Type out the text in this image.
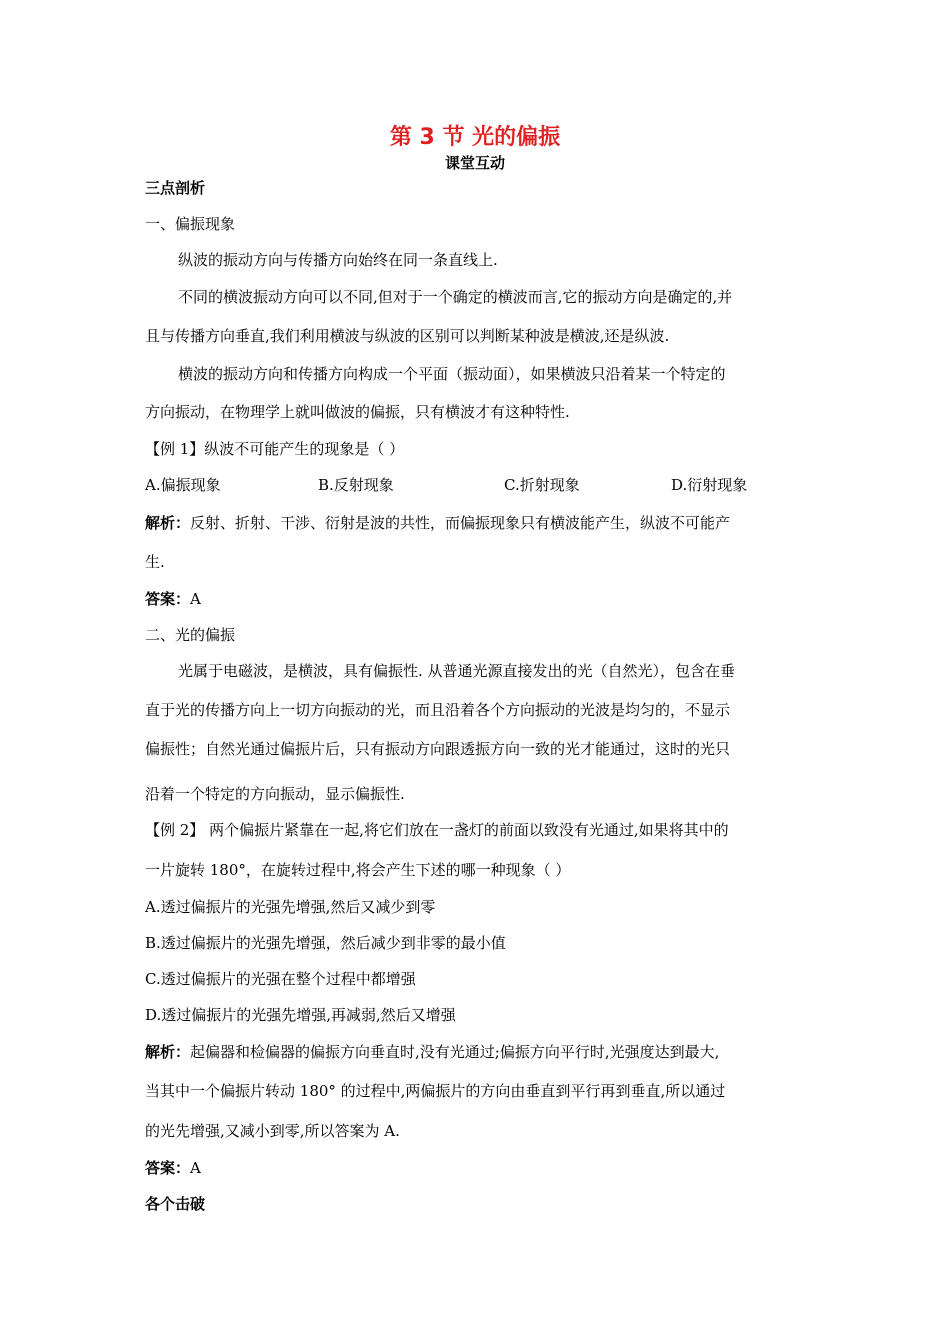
第 3 节 光的偏振
课堂互动
三点剖析
一、偏振现象
纵波的振动方向与传播方向始终在同一条直线上.
不同的横波振动方向可以不同,但对于一个确定的横波而言,它的振动方向是确定的,并
且与传播方向垂直,我们利用横波与纵波的区别可以判断某种波是横波,还是纵波.
横波的振动方向和传播方向构成一个平面（振动面），如果横波只沿着某一个特定的
方向振动，在物理学上就叫做波的偏振，只有横波才有这种特性.
【例 1】纵波不可能产生的现象是（ ）
A.偏振现象	B.反射现象	C.折射现象	D.衍射现象
解析：反射、折射、干涉、衍射是波的共性，而偏振现象只有横波能产生，纵波不可能产
生.
答案：A
二、光的偏振
光属于电磁波，是横波，具有偏振性. 从普通光源直接发出的光（自然光），包含在垂
直于光的传播方向上一切方向振动的光，而且沿着各个方向振动的光波是均匀的，不显示
偏振性；自然光通过偏振片后，只有振动方向跟透振方向一致的光才能通过，这时的光只
沿着一个特定的方向振动，显示偏振性.
【例 2】 两个偏振片紧靠在一起,将它们放在一盏灯的前面以致没有光通过,如果将其中的
一片旋转 180°，在旋转过程中,将会产生下述的哪一种现象（ ）
A.透过偏振片的光强先增强,然后又减少到零
B.透过偏振片的光强先增强，然后减少到非零的最小值
C.透过偏振片的光强在整个过程中都增强
D.透过偏振片的光强先增强,再减弱,然后又增强
解析：起偏器和检偏器的偏振方向垂直时,没有光通过;偏振方向平行时,光强度达到最大,
当其中一个偏振片转动 180° 的过程中,两偏振片的方向由垂直到平行再到垂直,所以通过
的光先增强,又减小到零,所以答案为 A.
答案：A
各个击破
